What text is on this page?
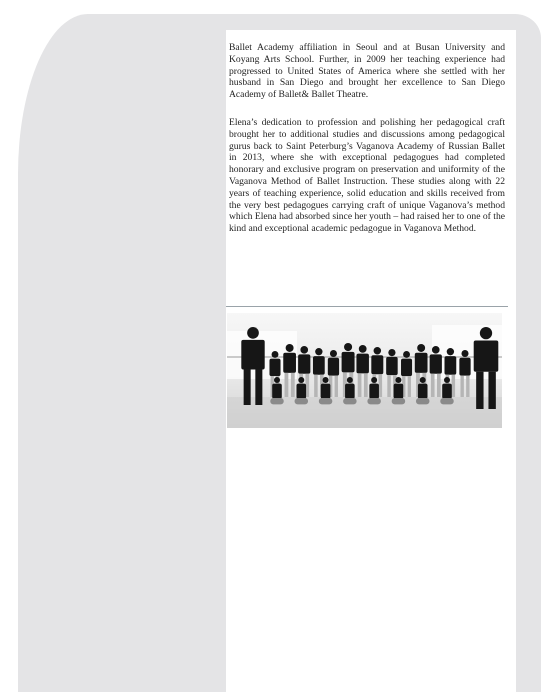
Ballet Academy affiliation in Seoul and at Busan University and Koyang Arts School. Further, in 2009 her teaching experience had progressed to United States of America where she settled with her husband in San Diego and brought her excellence to San Diego Academy of Ballet& Ballet Theatre.

Elena’s dedication to profession and polishing her pedagogical craft brought her to additional studies and discussions among pedagogical gurus back to Saint Peterburg’s Vaganova Academy of Russian Ballet in 2013, where she with exceptional pedagogues had completed honorary and exclusive program on preservation and uniformity of the Vaganova Method of Ballet Instruction. These studies along with 22 years of teaching experience, solid education and skills received from the very best pedagogues carrying craft of unique Vaganova’s method which Elena had absorbed since her youth – had raised her to one of the kind and exceptional academic pedagogue in Vaganova Method.
